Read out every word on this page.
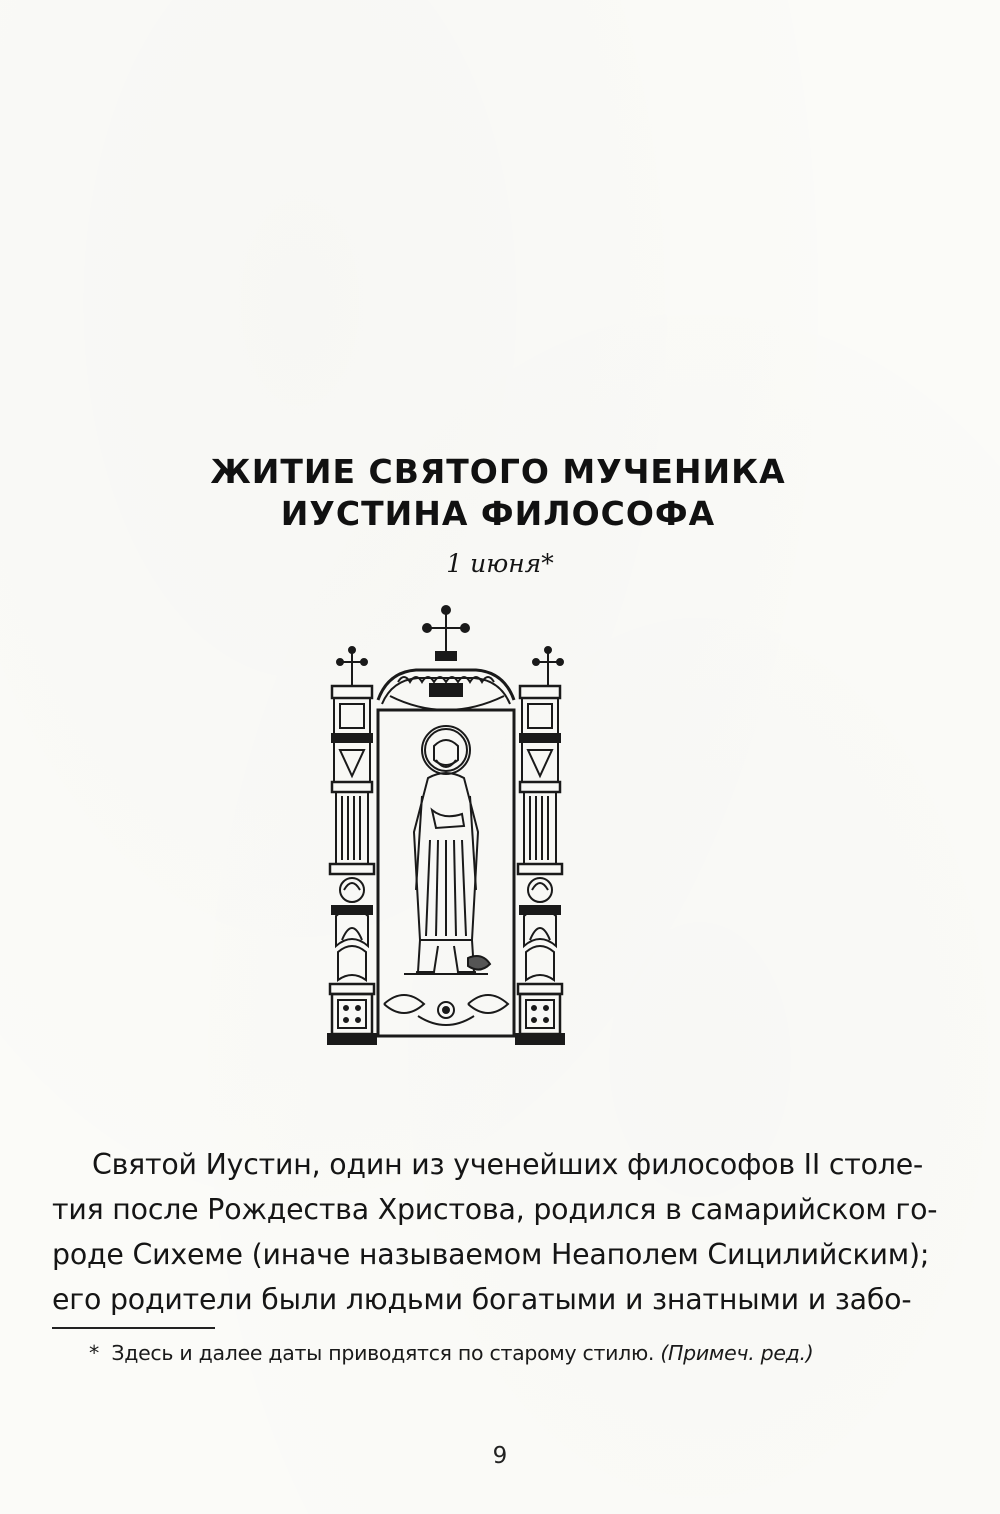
ЖИТИЕ СВЯТОГО МУЧЕНИКА
ИУСТИНА ФИЛОСОФА
1 июня*
Святой Иустин, один из ученейших философов II столе-
тия после Рождества Христова, родился в самарийском го-
роде Сихеме (иначе называемом Неаполем Сицилийским);
его родители были людьми богатыми и знатными и забо-
* Здесь и далее даты приводятся по старому стилю. (Примеч. ред.)
9
